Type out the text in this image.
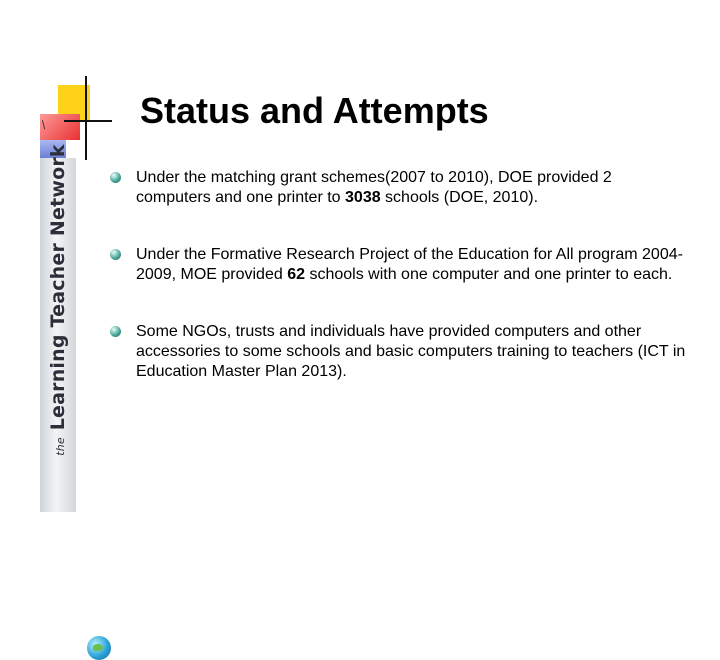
/
the Learning Teacher Network
Status and Attempts
Under the matching grant schemes(2007 to 2010), DOE provided 2 computers and one printer to 3038 schools (DOE, 2010).
Under the Formative Research Project of the Education for All program 2004-2009, MOE provided 62 schools with one computer and one printer to each.
Some NGOs, trusts and individuals have provided computers and other accessories to some schools and basic computers training to teachers (ICT in Education Master Plan 2013).
